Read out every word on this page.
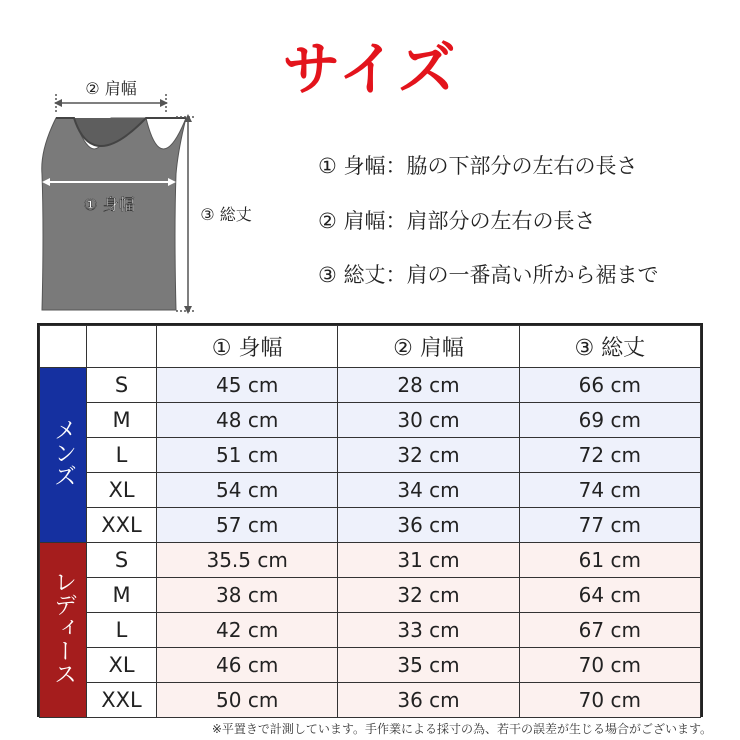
サイズ
② 肩幅
① 身幅
③ 総丈
① 身幅：脇の下部分の左右の長さ
② 肩幅：肩部分の左右の長さ
③ 総丈：肩の一番高い所から裾まで
		① 身幅	② 肩幅	③ 総丈
メンズ	S	45 cm	28 cm	66 cm
	M	48 cm	30 cm	69 cm
	L	51 cm	32 cm	72 cm
	XL	54 cm	34 cm	74 cm
	XXL	57 cm	36 cm	77 cm
レディース	S	35.5 cm	31 cm	61 cm
	M	38 cm	32 cm	64 cm
	L	42 cm	33 cm	67 cm
	XL	46 cm	35 cm	70 cm
	XXL	50 cm	36 cm	70 cm
※平置きで計測しています。手作業による採寸の為、若干の誤差が生じる場合がございます。
